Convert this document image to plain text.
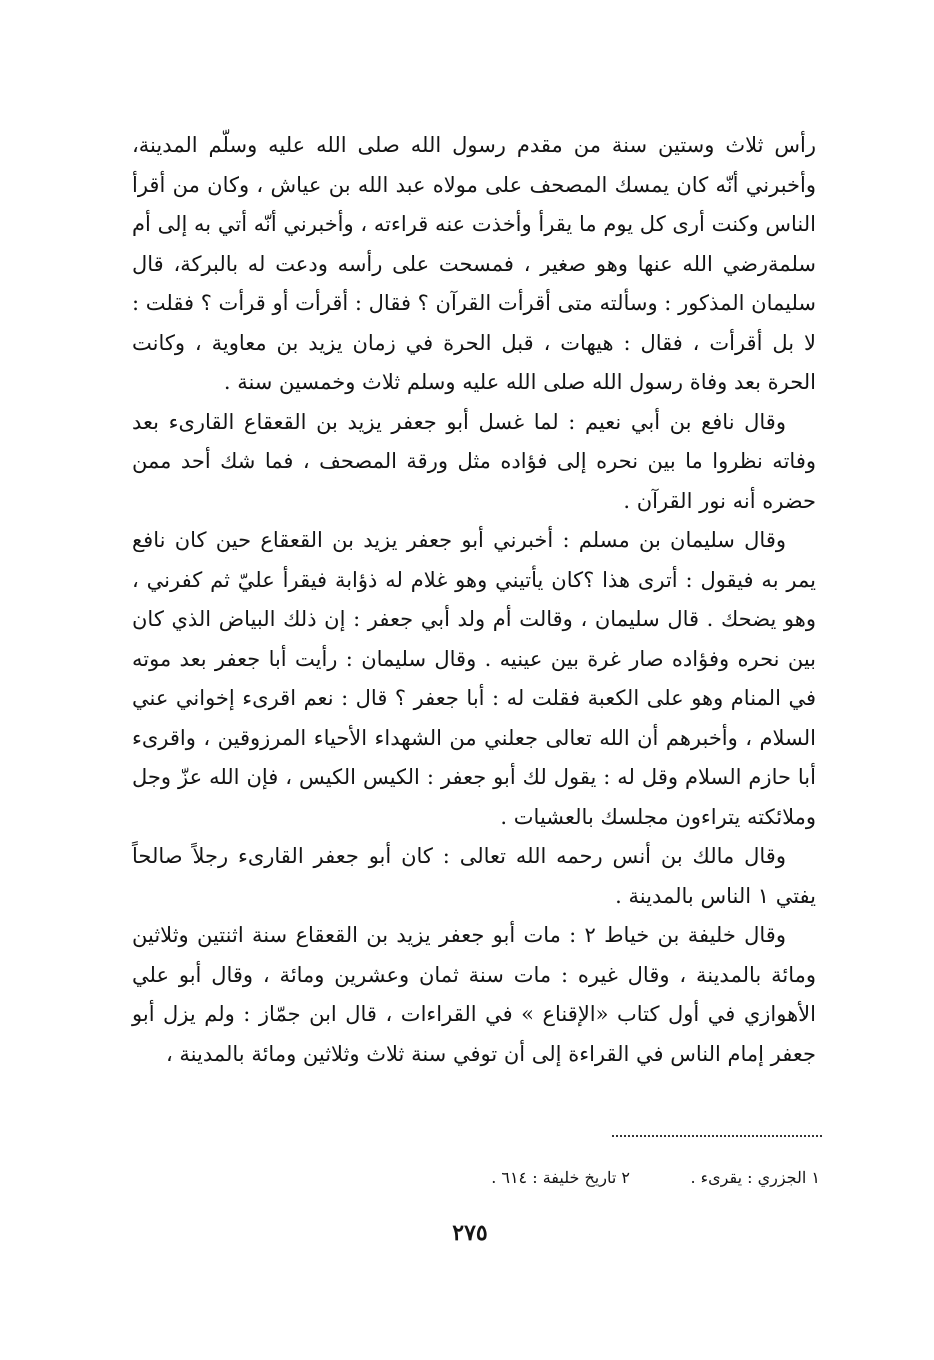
رأس ثلاث وستين سنة من مقدم رسول الله صلى الله عليه وسلّم المدينة، وأخبرني أنّه كان يمسك المصحف على مولاه عبد الله بن عياش ، وكان من أقرأ الناس وكنت أرى كل يوم ما يقرأ وأخذت عنه قراءته ، وأخبرني أنّه أتي به إلى أم سلمةرضي الله عنها وهو صغير ، فمسحت على رأسه ودعت له بالبركة، قال سليمان المذكور : وسألته متى أقرأت القرآن ؟ فقال : أقرأت أو قرأت ؟ فقلت : لا بل أقرأت ، فقال : هيهات ، قبل الحرة في زمان يزيد بن معاوية ، وكانت الحرة بعد وفاة رسول الله صلى الله عليه وسلم ثلاث وخمسين سنة .

وقال نافع بن أبي نعيم : لما غسل أبو جعفر يزيد بن القعقاع القارىء بعد وفاته نظروا ما بين نحره إلى فؤاده مثل ورقة المصحف ، فما شك أحد ممن حضره أنه نور القرآن .

وقال سليمان بن مسلم : أخبرني أبو جعفر يزيد بن القعقاع حين كان نافع يمر به فيقول : أترى هذا ؟كان يأتيني وهو غلام له ذؤابة فيقرأ عليّ ثم كفرني ، وهو يضحك . قال سليمان ، وقالت أم ولد أبي جعفر : إن ذلك البياض الذي كان بين نحره وفؤاده صار غرة بين عينيه . وقال سليمان : رأيت أبا جعفر بعد موته في المنام وهو على الكعبة فقلت له : أبا جعفر ؟ قال : نعم اقرىء إخواني عني السلام ، وأخبرهم أن الله تعالى جعلني من الشهداء الأحياء المرزوقين ، واقرىء أبا حازم السلام وقل له : يقول لك أبو جعفر : الكيس الكيس ، فإن الله عزّ وجل وملائكته يتراءون مجلسك بالعشيات .

وقال مالك بن أنس رحمه الله تعالى : كان أبو جعفر القارىء رجلاً صالحاً يفتي ١ الناس بالمدينة .

وقال خليفة بن خياط ٢ : مات أبو جعفر يزيد بن القعقاع سنة اثنتين وثلاثين ومائة بالمدينة ، وقال غيره : مات سنة ثمان وعشرين ومائة ، وقال أبو علي الأهوازي في أول كتاب «الإقناع » في القراءات ، قال ابن جمّاز : ولم يزل أبو جعفر إمام الناس في القراءة إلى أن توفي سنة ثلاث وثلاثين ومائة بالمدينة ،

١ الجزري : يقرىء .
٢ تاريخ خليفة : ٦١٤ .
٢٧٥
